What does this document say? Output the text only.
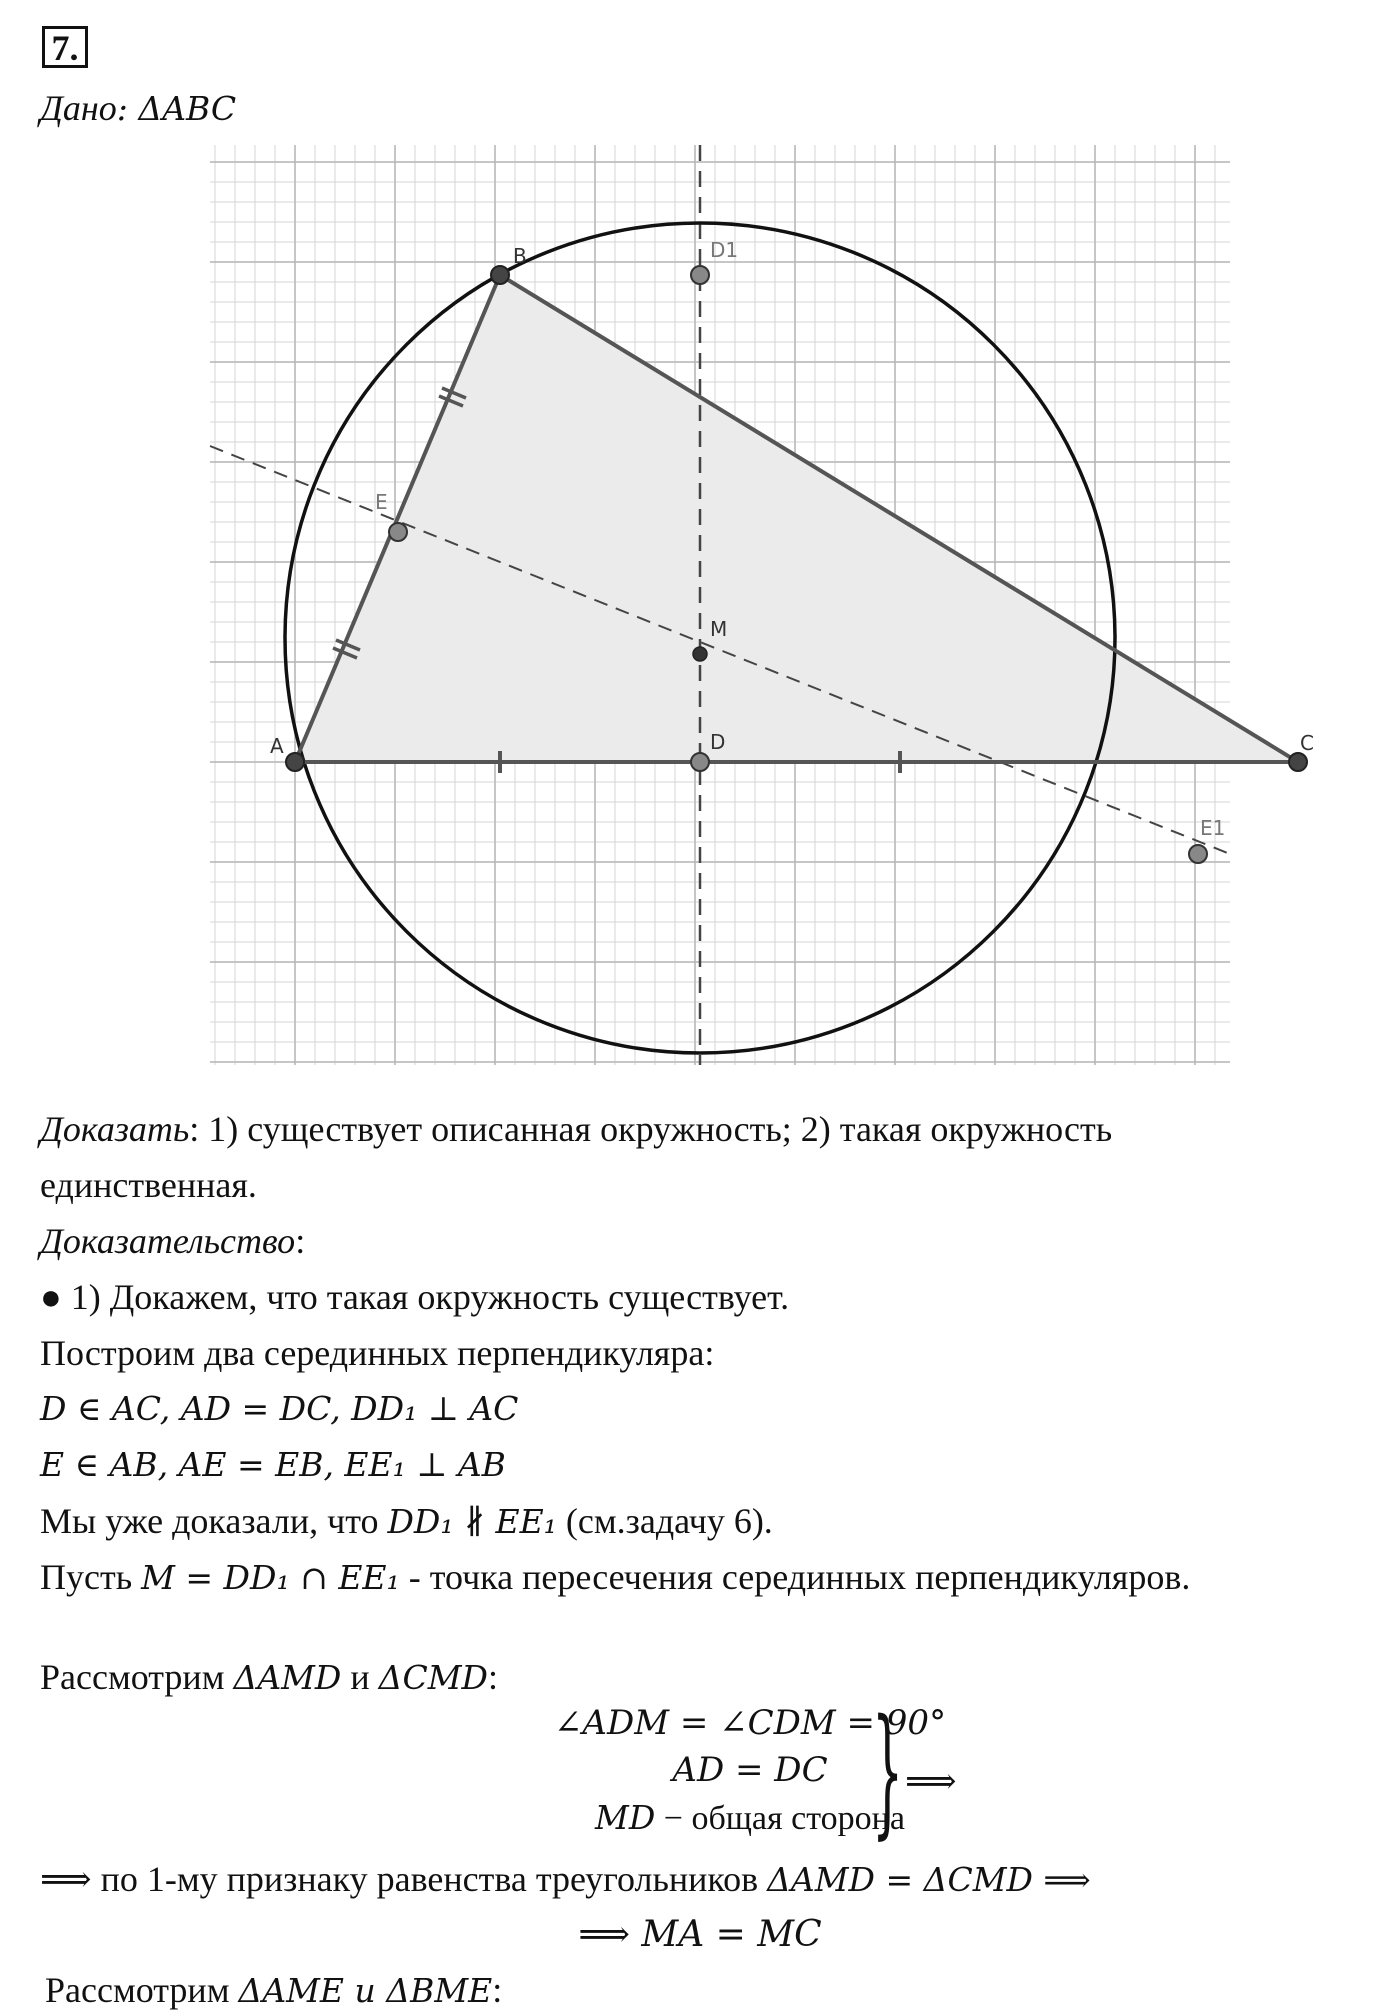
7.
Дано: ΔABC
A
B
C
D
D1
E
E1
M
Доказать: 1) существует описанная окружность; 2) такая окружность
единственная.
Доказательство:
● 1) Докажем, что такая окружность существует.
Построим два серединных перпендикуляра:
D ∈ AC, AD = DC, DD₁ ⊥ AC
E ∈ AB, AE = EB, EE₁ ⊥ AB
Мы уже доказали, что DD₁ ∦ EE₁ (см.задачу 6).
Пусть M = DD₁ ∩ EE₁ - точка пересечения серединных перпендикуляров.
Рассмотрим ΔAMD и ΔCMD:
∠ADM = ∠CDM = 90°
AD = DC
MD − общая сторона
} ⟹
⟹ по 1-му признаку равенства треугольников ΔAMD = ΔCMD ⟹
⟹ MA = MC
Рассмотрим ΔAME и ΔBME:
